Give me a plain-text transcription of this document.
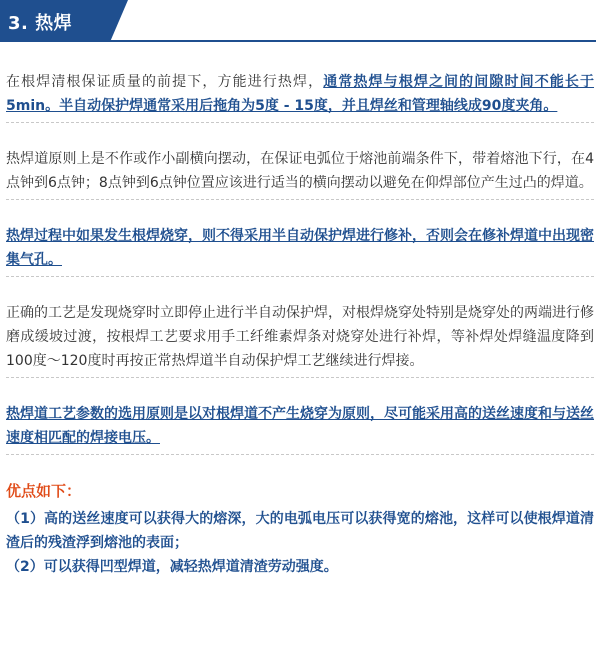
3. 热焊

在根焊清根保证质量的前提下，方能进行热焊，通常热焊与根焊之间的间隙时间不能长于5min。半自动保护焊通常采用后拖角为5度 - 15度，并且焊丝和管理轴线成90度夹角。

热焊道原则上是不作或作小副横向摆动，在保证电弧位于熔池前端条件下，带着熔池下行，在4点钟到6点钟；8点钟到6点钟位置应该进行适当的横向摆动以避免在仰焊部位产生过凸的焊道。

热焊过程中如果发生根焊烧穿，则不得采用半自动保护焊进行修补，否则会在修补焊道中出现密集气孔。

正确的工艺是发现烧穿时立即停止进行半自动保护焊，对根焊烧穿处特别是烧穿处的两端进行修磨成缓坡过渡，按根焊工艺要求用手工纤维素焊条对烧穿处进行补焊，等补焊处焊缝温度降到100度～120度时再按正常热焊道半自动保护焊工艺继续进行焊接。

热焊道工艺参数的选用原则是以对根焊道不产生烧穿为原则，尽可能采用高的送丝速度和与送丝速度相匹配的焊接电压。

优点如下：

（1）高的送丝速度可以获得大的熔深，大的电弧电压可以获得宽的熔池，这样可以使根焊道清渣后的残渣浮到熔池的表面；

（2）可以获得凹型焊道，减轻热焊道清渣劳动强度。
